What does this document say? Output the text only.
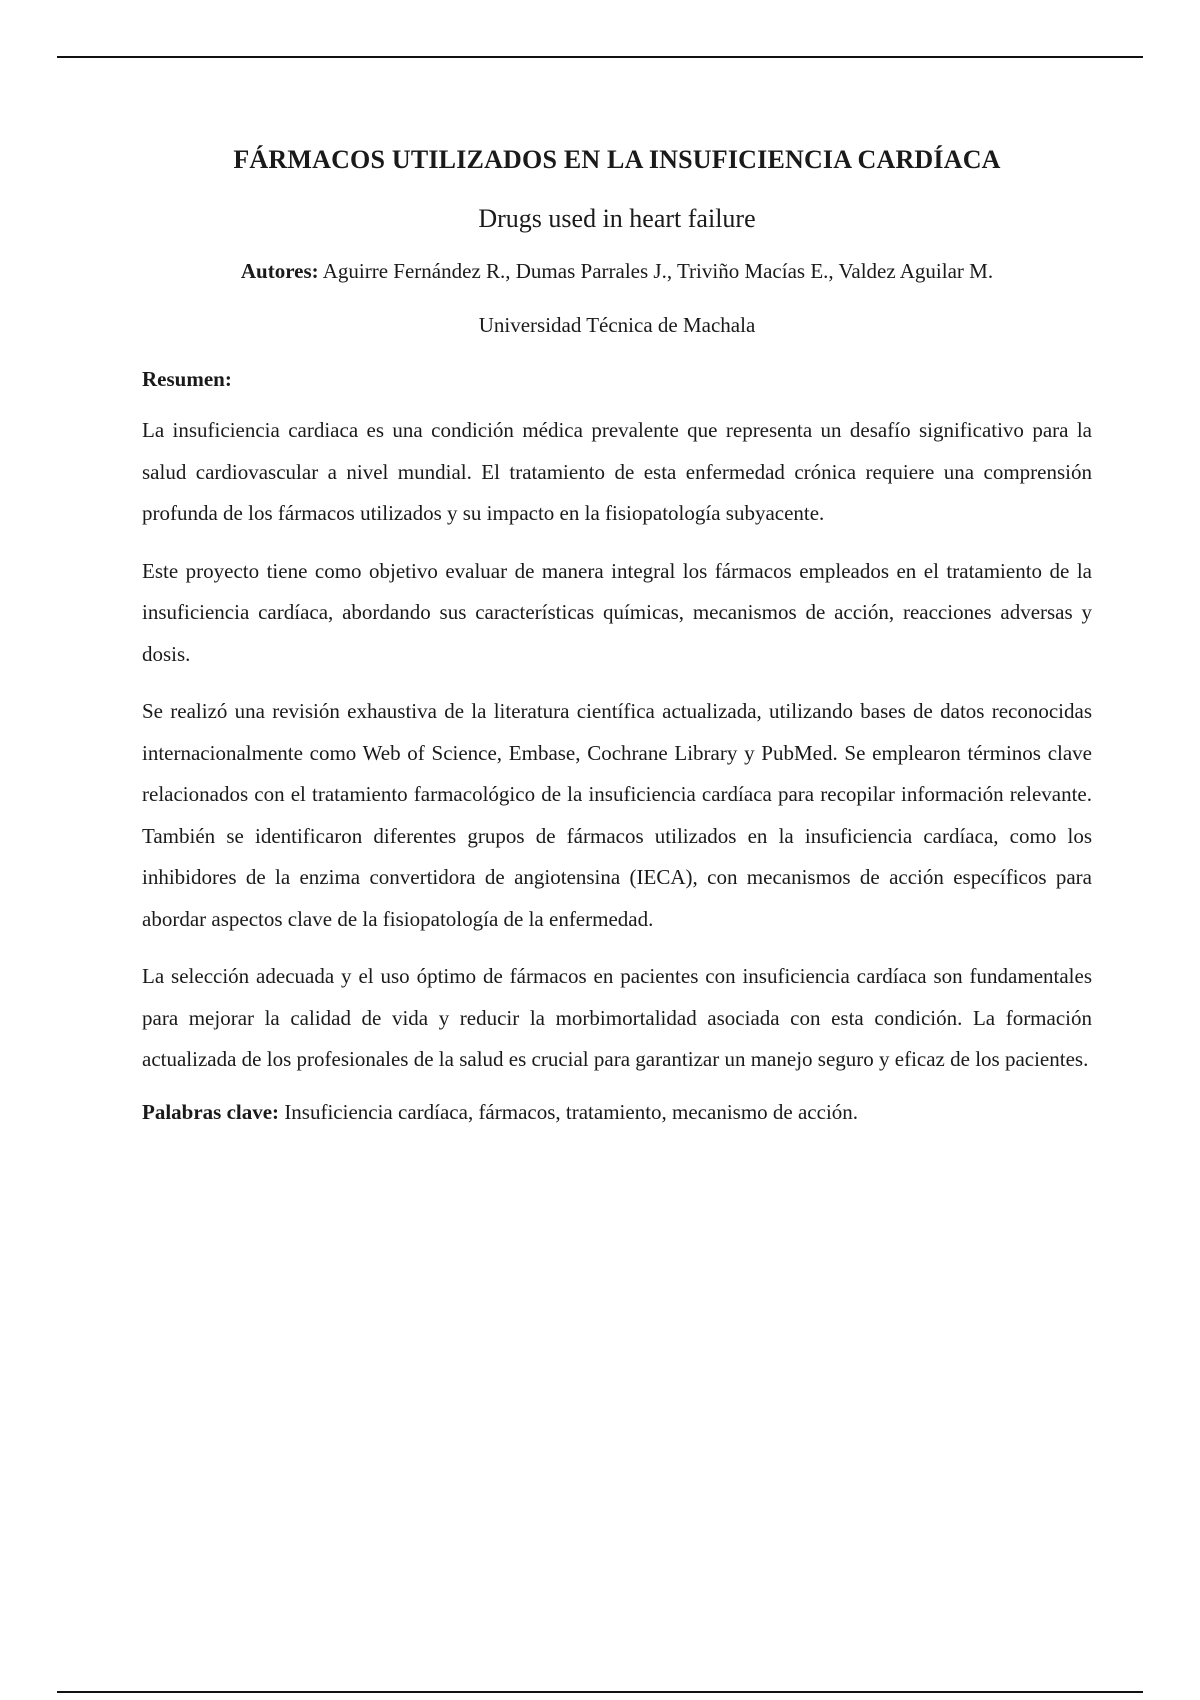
FÁRMACOS UTILIZADOS EN LA INSUFICIENCIA CARDÍACA

Drugs used in heart failure

Autores: Aguirre Fernández R., Dumas Parrales J., Triviño Macías E., Valdez Aguilar M.

Universidad Técnica de Machala

Resumen:

La insuficiencia cardiaca es una condición médica prevalente que representa un desafío significativo para la salud cardiovascular a nivel mundial. El tratamiento de esta enfermedad crónica requiere una comprensión profunda de los fármacos utilizados y su impacto en la fisiopatología subyacente.

Este proyecto tiene como objetivo evaluar de manera integral los fármacos empleados en el tratamiento de la insuficiencia cardíaca, abordando sus características químicas, mecanismos de acción, reacciones adversas y dosis.

Se realizó una revisión exhaustiva de la literatura científica actualizada, utilizando bases de datos reconocidas internacionalmente como Web of Science, Embase, Cochrane Library y PubMed. Se emplearon términos clave relacionados con el tratamiento farmacológico de la insuficiencia cardíaca para recopilar información relevante. También se identificaron diferentes grupos de fármacos utilizados en la insuficiencia cardíaca, como los inhibidores de la enzima convertidora de angiotensina (IECA), con mecanismos de acción específicos para abordar aspectos clave de la fisiopatología de la enfermedad.

La selección adecuada y el uso óptimo de fármacos en pacientes con insuficiencia cardíaca son fundamentales para mejorar la calidad de vida y reducir la morbimortalidad asociada con esta condición. La formación actualizada de los profesionales de la salud es crucial para garantizar un manejo seguro y eficaz de los pacientes.

Palabras clave: Insuficiencia cardíaca, fármacos, tratamiento, mecanismo de acción.
